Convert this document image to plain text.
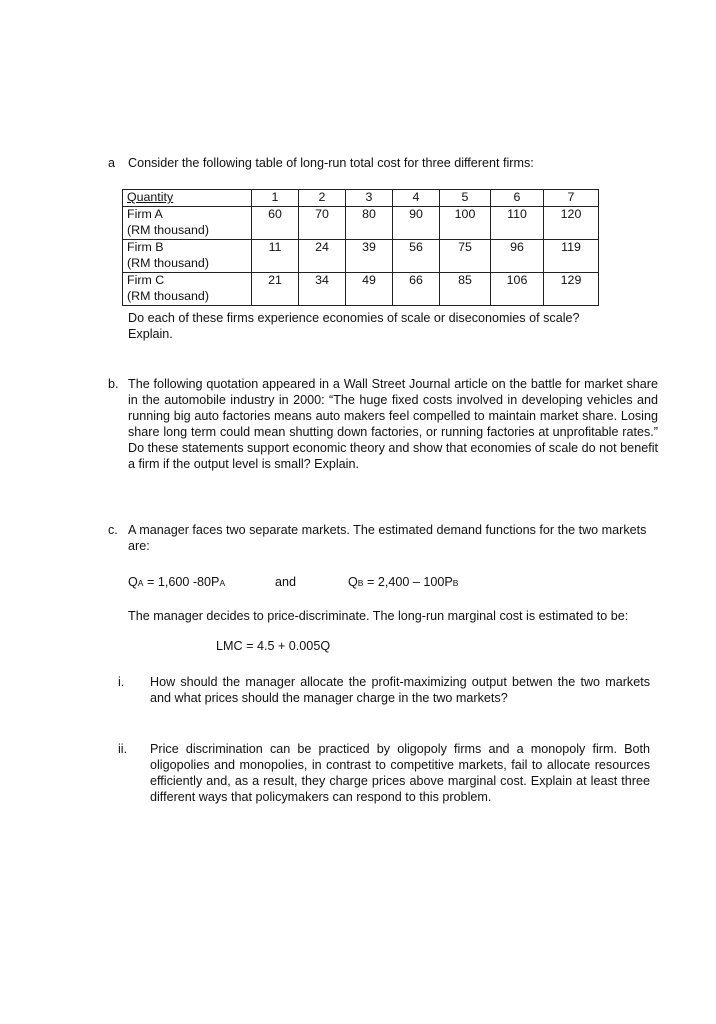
a Consider the following table of long-run total cost for three different firms:
Quantity	1	2	3	4	5	6	7
Firm A	60	70	80	90	100	110	120
(RM thousand)							
Firm B	11	24	39	56	75	96	119
(RM thousand)							
Firm C	21	34	49	66	85	106	129
(RM thousand)							
Do each of these firms experience economies of scale or diseconomies of scale?
Explain.
b. The following quotation appeared in a Wall Street Journal article on the battle for market share in the automobile industry in 2000: “The huge fixed costs involved in developing vehicles and running big auto factories means auto makers feel compelled to maintain market share. Losing share long term could mean shutting down factories, or running factories at unprofitable rates.” Do these statements support economic theory and show that economies of scale do not benefit a firm if the output level is small? Explain.
c. A manager faces two separate markets. The estimated demand functions for the two markets are:
QA = 1,600 -80PA	and	QB = 2,400 – 100PB
The manager decides to price-discriminate. The long-run marginal cost is estimated to be:
LMC = 4.5 + 0.005Q
i. How should the manager allocate the profit-maximizing output betwen the two markets and what prices should the manager charge in the two markets?
ii. Price discrimination can be practiced by oligopoly firms and a monopoly firm. Both oligopolies and monopolies, in contrast to competitive markets, fail to allocate resources efficiently and, as a result, they charge prices above marginal cost. Explain at least three different ways that policymakers can respond to this problem.
